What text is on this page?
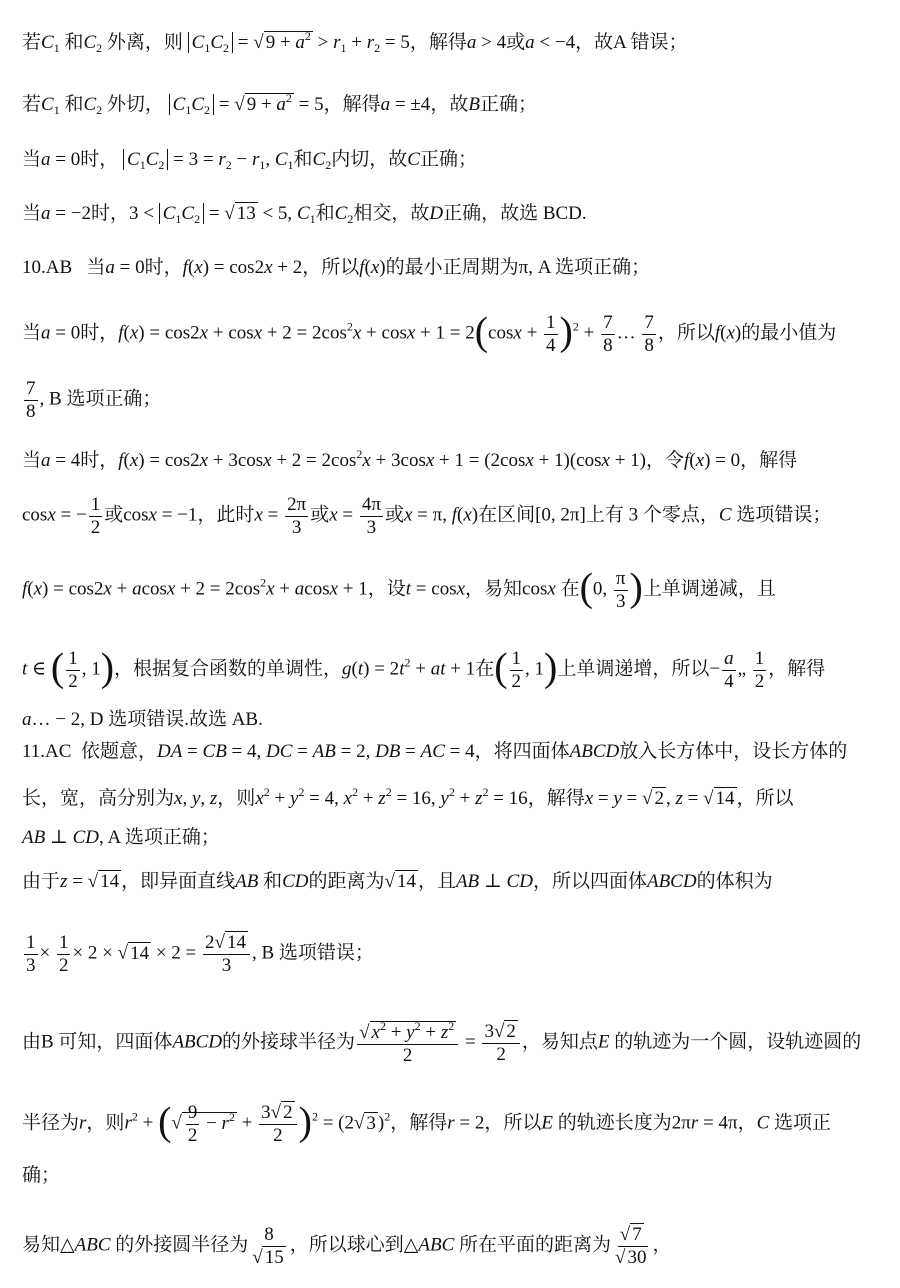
若$C_1$ 和$C_2$ 外离，则 $C_1C_2$ = √ $9 + a^2 > r_1 + r_2 = 5$，解得a > 4或a < −4，故A 错误；
若$C_1$ 和$C_2$ 外切， $C_1C_2$ = √ $9 + a^2 = 5$，解得a = ±4，故B正确；
当a = 0时， $C_1C_2 = 3 = r_2 - r_1$, $C_1$和$C_2$内切，故C正确；
当a = −2时，$3 < C_1C_2$ = √ 13 < 5, $C_1$和$C_2$相交，故D正确，故选 BCD.
10.AB 当a = 0时，f(x) = cos2x + 2，所以f(x)的最小正周期为π, A 选项正确；
当a = 0时，$f(x) = \cos 2x + \cos x + 2 = 2\cos^2x + \cos x + 1 = 2(\cos x + \frac{1}{4} )^2 + \frac{7}{8}$ … $\frac{7}{8}$ ，所以f(x)的最小值为
$\frac{7}{8}$ , B 选项正确；
当a = 4时，$f(x) = \cos 2x + 3\cos x + 2 = 2\cos^2x + 3\cos x + 1 = (2\cos x + 1)(\cos x + 1)$，令f(x) = 0，解得
cosx = − $\frac{1}{2}$ 或cosx = −1，此时$x = \frac{2\pi}{3}$ 或$x = \frac{4\pi}{3}$ 或x = π, f(x)在区间[0, 2π]上有 3 个零点，C 选项错误；
$f(x) = \cos 2x + acosx + 2 = 2\cos^2x + acosx + 1$，设t = cosx，易知cosx 在(0, $\frac{\pi}{3}$ )上单调递减，且
t ∈ ( $\frac{1}{2}$ , 1)，根据复合函数的单调性，$g(t) = 2t^2$ + at + 1在( $\frac{1}{2}$ , 1)上单调递增，所以− $\frac{a}{4}$ „ $\frac{1}{2}$ ，解得
a… − 2, D 选项错误.故选 AB.
11.AC 依题意，DA = CB = 4, DC = AB = 2, DB = AC = 4，将四面体ABCD放入长方体中，设长方体的
长，宽，高分别为x, y, z，则$x^2 + y^2 = 4$, $x^2 + z^2 = 16$, $y^2 + z^2 = 16$，解得x = y = √ 2 , z = √ 14 ，所以
AB ⊥ CD, A 选项正确；
由于z = √ 14 ，即异面直线AB 和CD的距离为√ 14 ，且AB ⊥ CD，所以四面体ABCD的体积为
$\frac{1}{3} \times \frac{1}{2} \times 2$ × √ $14 \times 2 = \frac{2√ 14}{3}$ , B 选项错误；
由B 可知，四面体ABCD的外接球半径为 $\frac{√ x^2 + y^2 + z^2}{2} = \frac{3√ 2}{2}$ ，易知点E 的轨迹为一个圆，设轨迹圆的
半径为r，则$r^2$ + (√ $\frac{9}{2} - r^2 + \frac{3√ 2}{2} )^2 = (2√$ 3 )$^2$，解得r = 2，所以E 的轨迹长度为2πr = 4π，C 选项正
确；
易知△ABC 的外接圆半径为 $\frac{8}{√ 15}$ ，所以球心到△ABC 所在平面的距离为 $\frac{√ 7}{√ 30}$ ，
